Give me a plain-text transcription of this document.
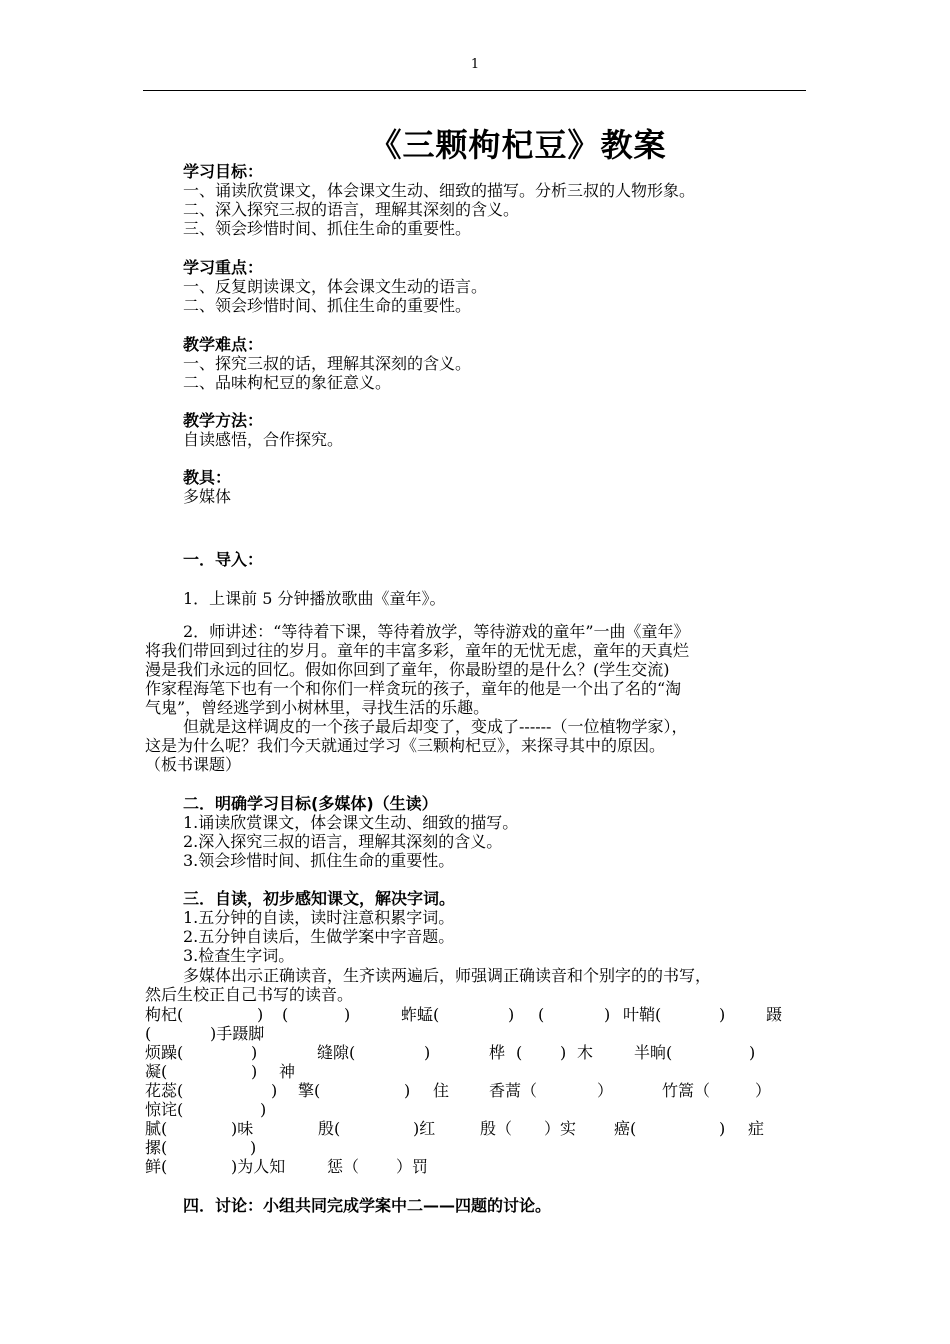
1
《三颗枸杞豆》教案
学习目标：
一、诵读欣赏课文，体会课文生动、细致的描写。分析三叔的人物形象。
二、深入探究三叔的语言，理解其深刻的含义。
三、领会珍惜时间、抓住生命的重要性。
学习重点：
一、反复朗读课文，体会课文生动的语言。
二、领会珍惜时间、抓住生命的重要性。
教学难点：
一、探究三叔的话，理解其深刻的含义。
二、品味枸杞豆的象征意义。
教学方法：
自读感悟，合作探究。
教具：
多媒体
一．导入：
1．上课前 5 分钟播放歌曲《童年》。
2．师讲述：“等待着下课，等待着放学，等待游戏的童年”一曲《童年》
将我们带回到过往的岁月。童年的丰富多彩，童年的无忧无虑，童年的天真烂
漫是我们永远的回忆。假如你回到了童年，你最盼望的是什么？(学生交流)
作家程海笔下也有一个和你们一样贪玩的孩子，童年的他是一个出了名的“淘
气鬼”，曾经逃学到小树林里，寻找生活的乐趣。
但就是这样调皮的一个孩子最后却变了，变成了------（一位植物学家），
这是为什么呢？我们今天就通过学习《三颗枸杞豆》，来探寻其中的原因。
（板书课题）
二．明确学习目标(多媒体)（生读）
1.诵读欣赏课文，体会课文生动、细致的描写。
2.深入探究三叔的语言，理解其深刻的含义。
3.领会珍惜时间、抓住生命的重要性。
三．自读，初步感知课文，解决字词。
1.五分钟的自读，读时注意积累字词。
2.五分钟自读后，生做学案中字音题。
3.检查生字词。
多媒体出示正确读音，生齐读两遍后，师强调正确读音和个别字的的书写，
然后生校正自己书写的读音。
枸杞(	) (	)	蚱蜢(	) (	) 叶鞘(	)	蹑
(	)手蹑脚
烦躁(	)	缝隙(	)	桦 ( ) 木	半晌(	)
凝(	) 神
花蕊(	) 擎(	) 住 香蒿（	）	竹篙（	）
惊诧(	)
腻(	)味	殷(	)红	殷（ ）实 癌(	) 症
摞(	)
鲜(	)为人知	惩（ ）罚
四．讨论：小组共同完成学案中二——四题的讨论。
